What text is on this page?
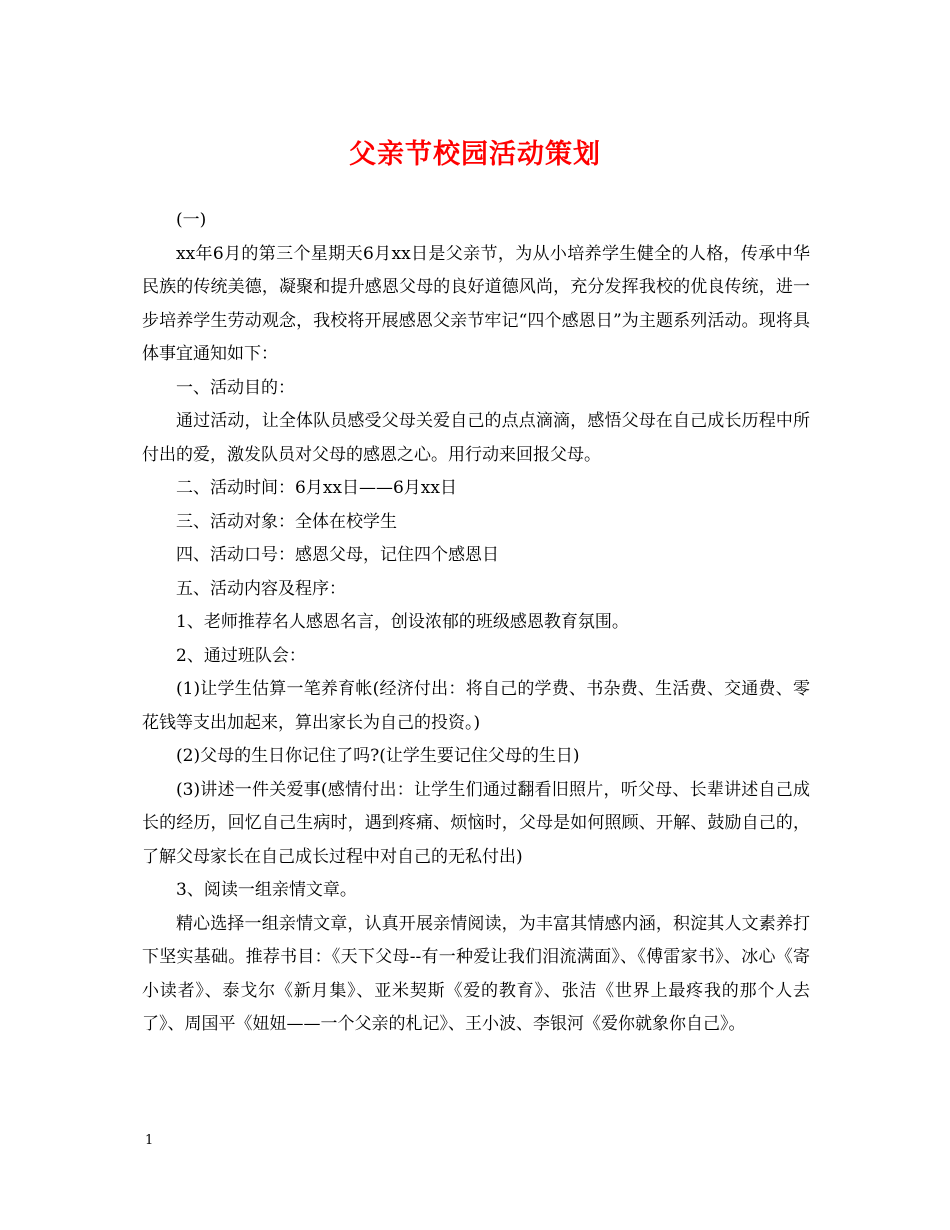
父亲节校园活动策划

(一)

xx年6月的第三个星期天6月xx日是父亲节，为从小培养学生健全的人格，传承中华民族的传统美德，凝聚和提升感恩父母的良好道德风尚，充分发挥我校的优良传统，进一步培养学生劳动观念，我校将开展感恩父亲节牢记“四个感恩日”为主题系列活动。现将具体事宜通知如下：

一、活动目的：

通过活动，让全体队员感受父母关爱自己的点点滴滴，感悟父母在自己成长历程中所付出的爱，激发队员对父母的感恩之心。用行动来回报父母。

二、活动时间：6月xx日——6月xx日

三、活动对象：全体在校学生

四、活动口号：感恩父母，记住四个感恩日

五、活动内容及程序：

1、老师推荐名人感恩名言，创设浓郁的班级感恩教育氛围。

2、通过班队会：

(1)让学生估算一笔养育帐(经济付出：将自己的学费、书杂费、生活费、交通费、零花钱等支出加起来，算出家长为自己的投资。)

(2)父母的生日你记住了吗?(让学生要记住父母的生日)

(3)讲述一件关爱事(感情付出：让学生们通过翻看旧照片，听父母、长辈讲述自己成长的经历，回忆自己生病时，遇到疼痛、烦恼时，父母是如何照顾、开解、鼓励自己的，了解父母家长在自己成长过程中对自己的无私付出)

3、阅读一组亲情文章。

精心选择一组亲情文章，认真开展亲情阅读，为丰富其情感内涵，积淀其人文素养打下坚实基础。推荐书目：《天下父母--有一种爱让我们泪流满面》、《傅雷家书》、冰心《寄小读者》、泰戈尔《新月集》、亚米契斯《爱的教育》、张洁《世界上最疼我的那个人去了》、周国平《妞妞——一个父亲的札记》、王小波、李银河《爱你就象你自己》。

1
